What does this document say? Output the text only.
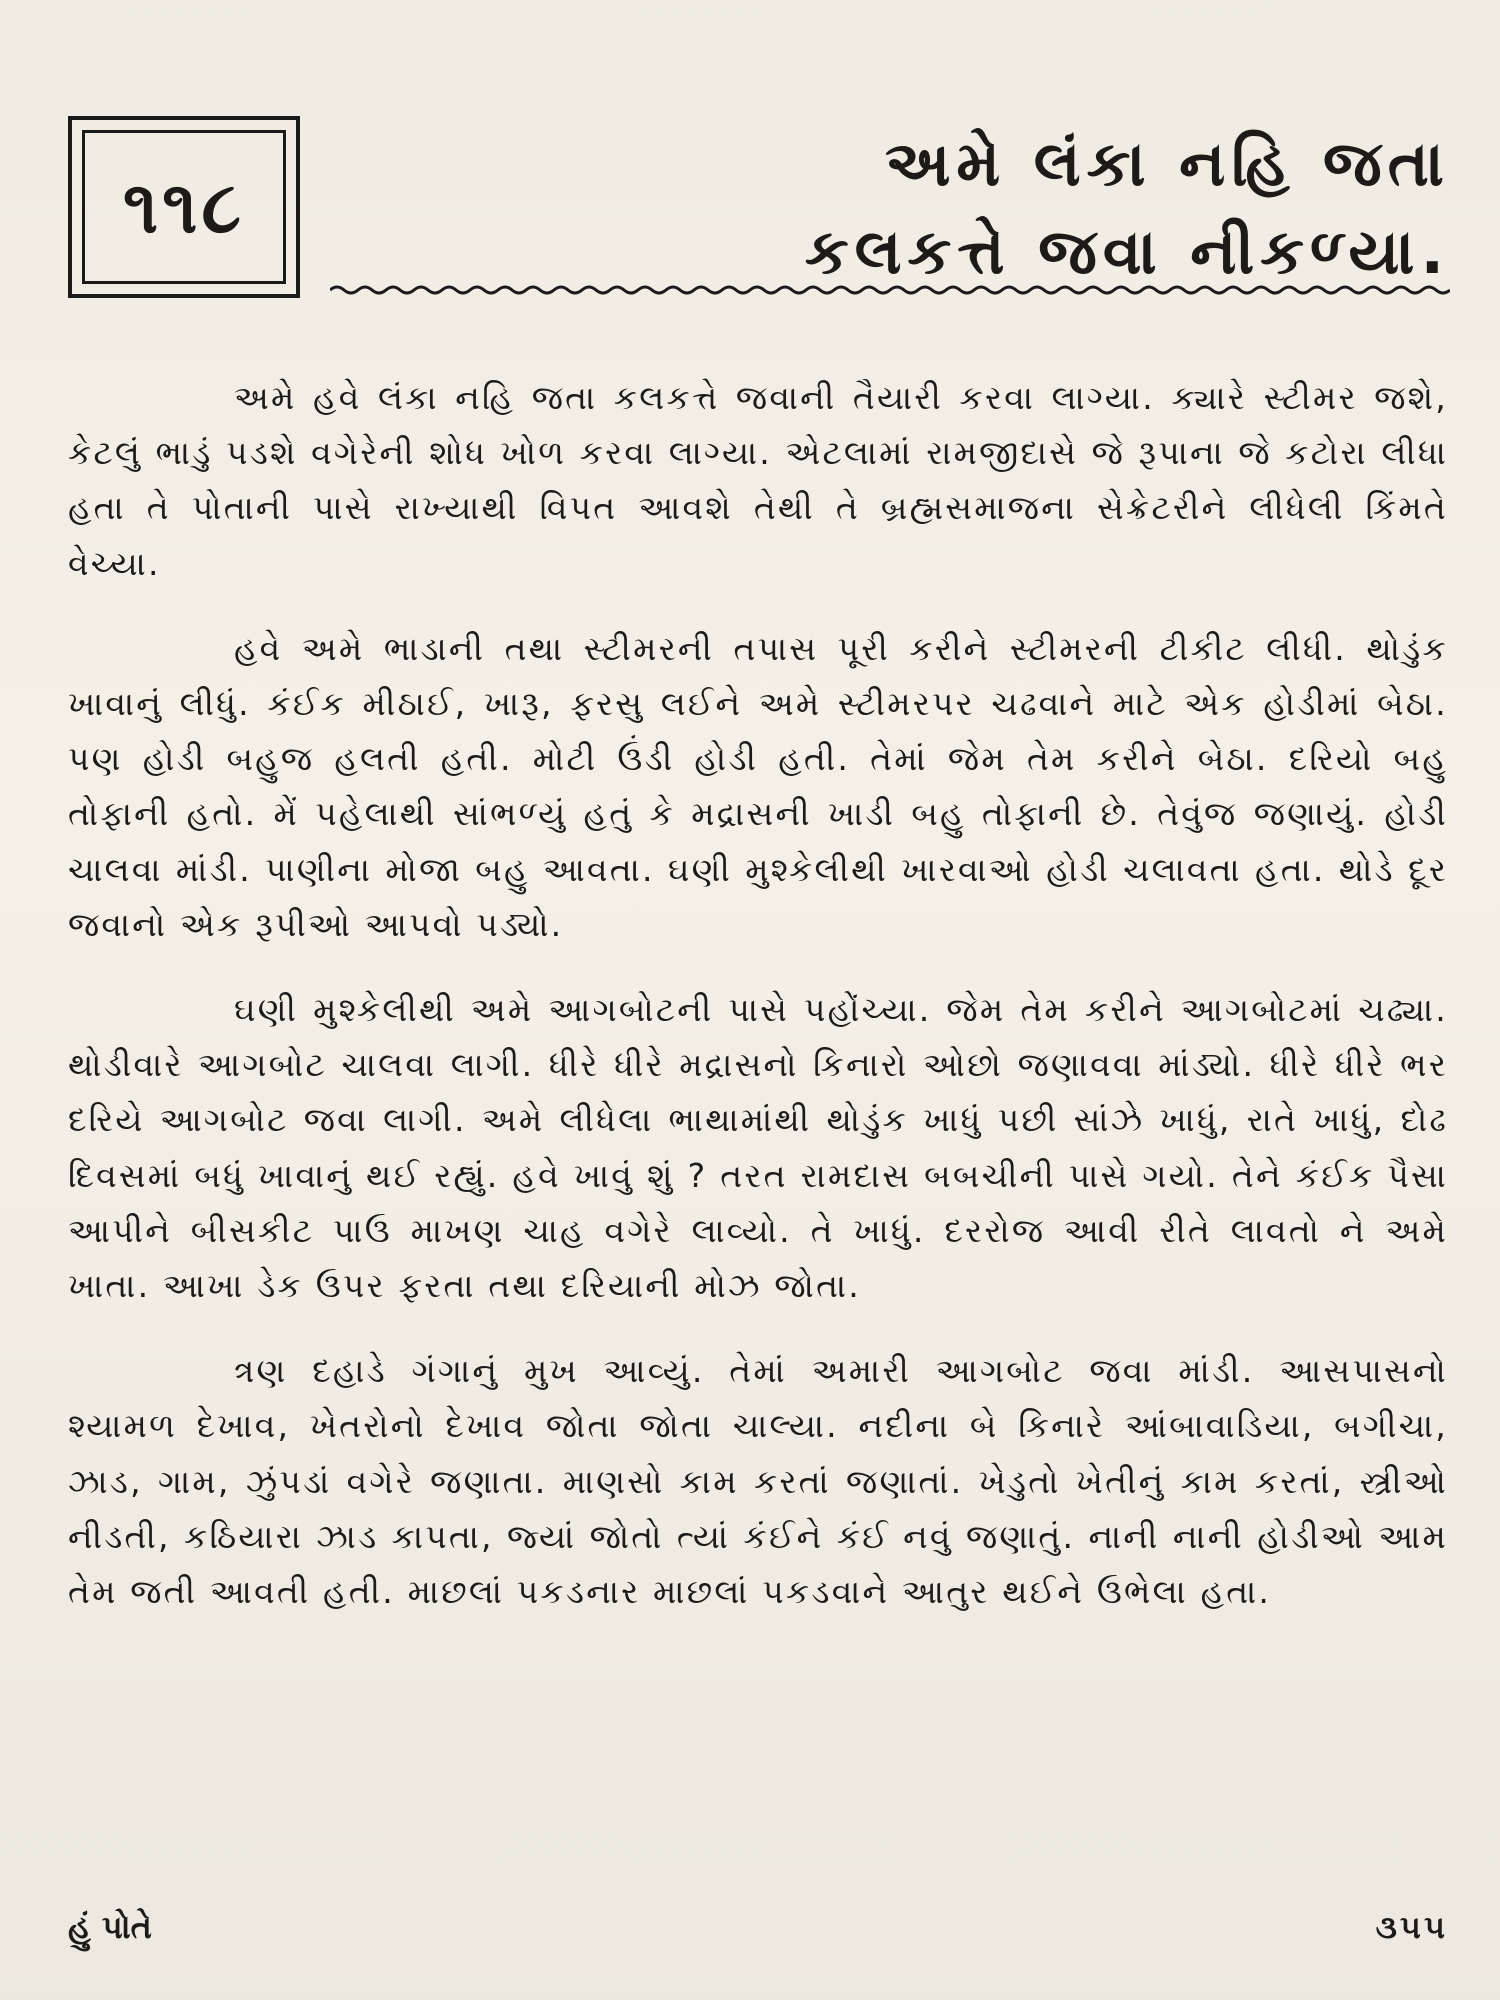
૧૧૮
અમે લંકા નહિ જતા
કલકત્તે જવા નીકળ્યા.

અમે હવે લંકા નહિ જતા કલકત્તે જવાની તૈયારી કરવા લાગ્યા. ક્યારે સ્ટીમર જશે, કેટલું ભાડું પડશે વગેરેની શોધ ખોળ કરવા લાગ્યા. એટલામાં રામજીદાસે જે રૂપાના જે કટોરા લીધા હતા તે પોતાની પાસે રાખ્યાથી વિપત આવશે તેથી તે બ્રહ્મસમાજના સેક્રેટરીને લીધેલી કિંમતે વેચ્યા.

હવે અમે ભાડાની તથા સ્ટીમરની તપાસ પૂરી કરીને સ્ટીમરની ટીકીટ લીધી. થોડુંક ખાવાનું લીધું. કંઈક મીઠાઈ, ખારૂ, ફરસુ લઈને અમે સ્ટીમરપર ચઢવાને માટે એક હોડીમાં બેઠા. પણ હોડી બહુજ હલતી હતી. મોટી ઉંડી હોડી હતી. તેમાં જેમ તેમ કરીને બેઠા. દરિયો બહુ તોફાની હતો. મેં પહેલાથી સાંભળ્યું હતું કે મદ્રાસની ખાડી બહુ તોફાની છે. તેવુંજ જણાયું. હોડી ચાલવા માંડી. પાણીના મોજા બહુ આવતા. ઘણી મુશ્કેલીથી ખારવાઓ હોડી ચલાવતા હતા. થોડે દૂર જવાનો એક રૂપીઓ આપવો પડ્યો.

ઘણી મુશ્કેલીથી અમે આગબોટની પાસે પહોંચ્યા. જેમ તેમ કરીને આગબોટમાં ચઢ્યા. થોડીવારે આગબોટ ચાલવા લાગી. ધીરે ધીરે મદ્રાસનો કિનારો ઓછો જણાવવા માંડ્યો. ધીરે ધીરે ભર દરિયે આગબોટ જવા લાગી. અમે લીધેલા ભાથામાંથી થોડુંક ખાધું પછી સાંઝે ખાધું, રાતે ખાધું, દોઢ દિવસમાં બધું ખાવાનું થઈ રહ્યું. હવે ખાવું શું ? તરત રામદાસ બબચીની પાસે ગયો. તેને કંઈક પૈસા આપીને બીસકીટ પાઉ માખણ ચાહ વગેરે લાવ્યો. તે ખાધું. દરરોજ આવી રીતે લાવતો ને અમે ખાતા. આખા ડેક ઉપર ફરતા તથા દરિયાની મોઝ જોતા.

ત્રણ દહાડે ગંગાનું મુખ આવ્યું. તેમાં અમારી આગબોટ જવા માંડી. આસપાસનો શ્યામળ દેખાવ, ખેતરોનો દેખાવ જોતા જોતા ચાલ્યા. નદીના બે કિનારે આંબાવાડિયા, બગીચા, ઝાડ, ગામ, ઝુંપડાં વગેરે જણાતા. માણસો કામ કરતાં જણાતાં. ખેડુતો ખેતીનું કામ કરતાં, સ્ત્રીઓ નીડતી, કઠિયારા ઝાડ કાપતા, જ્યાં જોતો ત્યાં કંઈને કંઈ નવું જણાતું. નાની નાની હોડીઓ આમ તેમ જતી આવતી હતી. માછલાં પકડનાર માછલાં પકડવાને આતુર થઈને ઉભેલા હતા.

હું પોતે	૩૫૫
